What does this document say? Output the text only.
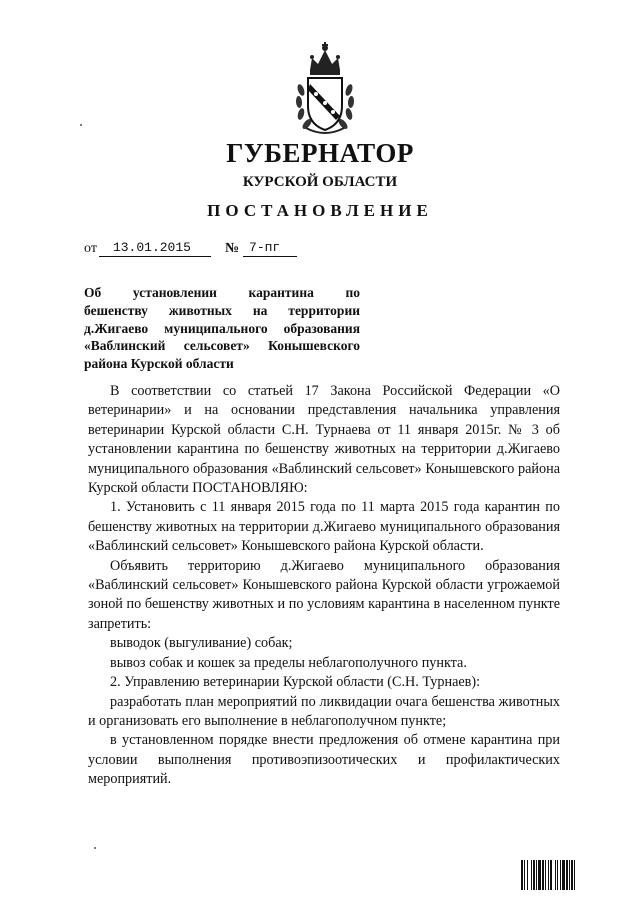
ГУБЕРНАТОР
КУРСКОЙ ОБЛАСТИ
ПОСТАНОВЛЕНИЕ
от	13.01.2015	№ 7-пг
Об установлении карантина по
бешенству животных на территории
д.Жигаево муниципального образования
«Ваблинский сельсовет» Конышевского
района Курской области

В соответствии со статьей 17 Закона Российской Федерации «О ветеринарии» и на основании представления начальника управления ветеринарии Курской области С.Н. Турнаева от 11 января 2015г. № 3 об установлении карантина по бешенству животных на территории д.Жигаево муниципального образования «Ваблинский сельсовет» Конышевского района Курской области ПОСТАНОВЛЯЮ:

1. Установить с 11 января 2015 года по 11 марта 2015 года карантин по бешенству животных на территории д.Жигаево муниципального образования «Ваблинский сельсовет» Конышевского района Курской области.

Объявить территорию д.Жигаево муниципального образования «Ваблинский сельсовет» Конышевского района Курской области угрожаемой зоной по бешенству животных и по условиям карантина в населенном пункте запретить:

выводок (выгуливание) собак;

вывоз собак и кошек за пределы неблагополучного пункта.

2. Управлению ветеринарии Курской области (С.Н. Турнаев):

разработать план мероприятий по ликвидации очага бешенства животных и организовать его выполнение в неблагополучном пункте;

в установленном порядке внести предложения об отмене карантина при условии выполнения противоэпизоотических и профилактических мероприятий.
